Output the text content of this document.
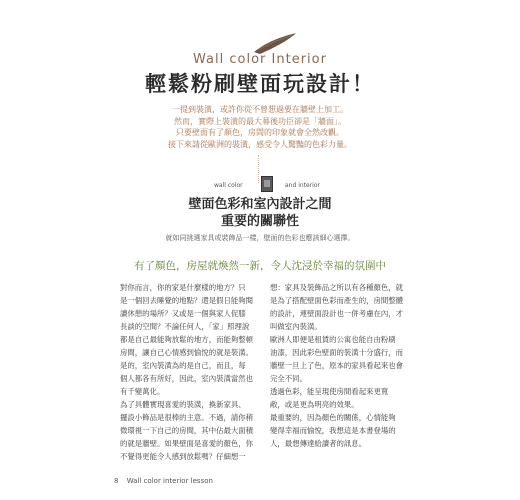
Wall color Interior
輕鬆粉刷壁面玩設計！
一提到裝潢，或許你從不曾想過要在牆壁上加工。
然而，實際上裝潢的最大幕後功臣卻是「牆面」。
只要壁面有了顏色，房間的印象就會全然改觀。
接下來請從歐洲的裝潢，感受令人驚豔的色彩力量。
wall color	and interior
壁面色彩和室內設計之間
重要的關聯性
就如同挑選家具或裝飾品一樣，壁面的色彩也應該細心選擇。
有了顏色，房屋就煥然一新，令人沈浸於幸福的氛圍中
對你而言，你的家是什麼樣的地方？只
是一個回去睡覺的地點？還是假日能夠閱
讀休憩的場所？又或是一個與家人促膝
長談的空間？不論任何人，「家」照理說
都是自己最能夠放鬆的地方，而能夠整頓
房間，讓自己心情感到愉悅的就是裝潢。
是的，室內裝潢為的是自己，而且，每
個人都各有所好，因此，室內裝潢當然也
有千變萬化。
為了具體實現喜愛的裝潢，換新家具、
擺設小飾品是很棒的主意。不過，請你稍
微環視一下自己的房間，其中佔最大面積
的就是牆壁。如果壁面是喜愛的顏色，你
不覺得更能令人感到放鬆嗎？仔細想一
想：家具及裝飾品之所以有各種顏色，就
是為了搭配壁面色彩而產生的，房間整體
的設計，連壁面設計也一併考慮在內，才
叫做室內裝潢。
歐洲人即便是租賃的公寓也能自由粉刷
油漆，因此彩色壁面的裝潢十分盛行，而
牆壁一旦上了色，原本的家具看起來也會
完全不同。
透過色彩，能呈現使房間看起來更寬
敞，或是更為明亮的效果。
最重要的，因為顏色的關係，心情能夠
變得幸福而愉悅，我想這是本書登場的
人，最想傳達給讀者的訊息。
8 Wall color interior lesson
